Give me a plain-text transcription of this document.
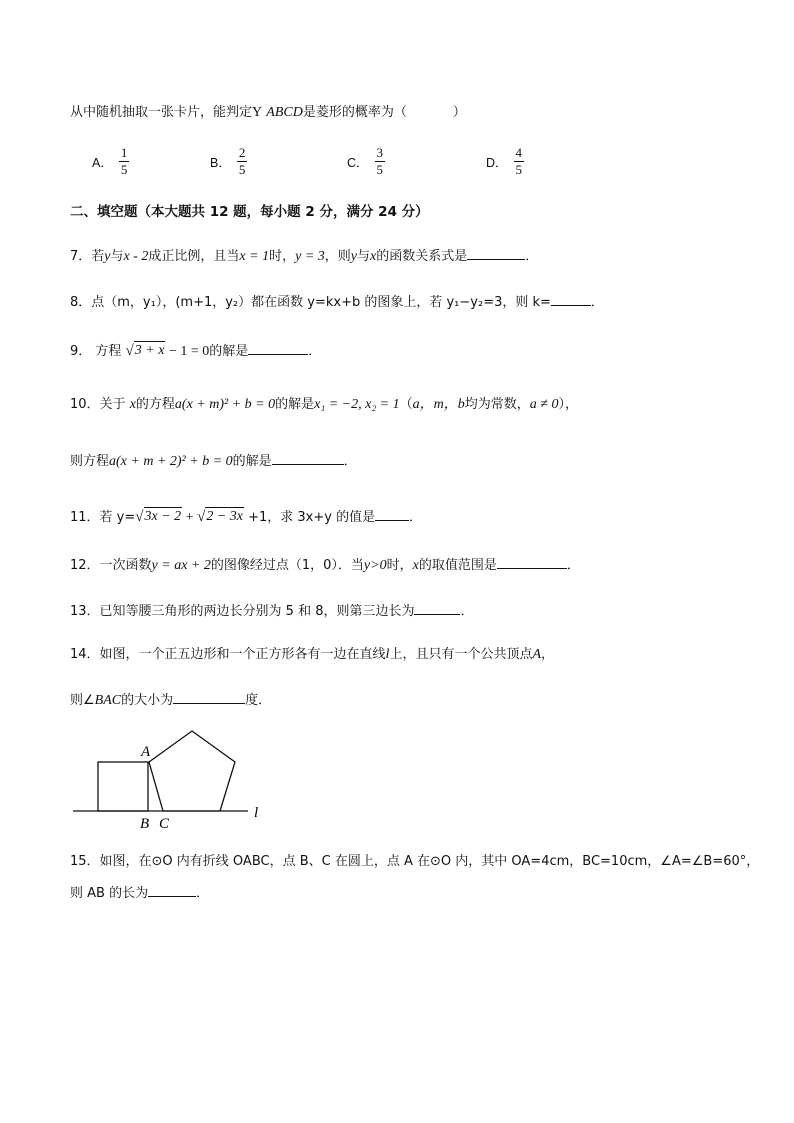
从中随机抽取一张卡片，能判定Y ABCD是菱形的概率为（	）
A． $\frac{1}{5}$	B． $\frac{2}{5}$	C． $\frac{3}{5}$	D． $\frac{4}{5}$
二、填空题（本大题共 12 题，每小题 2 分，满分 24 分）
7．若y与x - 2成正比例，且当x = 1时，y = 3，则y与x的函数关系式是	．
8．点（m，y₁），(m+1，y₂）都在函数 y=kx+b 的图象上，若 y₁−y₂=3，则 k=	．
9． 方程 √ 3 + x − 1 = 0的解是	．
10．关于 x的方程a(x + m)² + b = 0的解是x₁ = −2, x₂ = 1（a，m，b均为常数，a ≠ 0），
则方程a(x + m + 2)² + b = 0的解是	．
11．若 y= √ 3x − 2 + √ 2 − 3x +1，求 3x+y 的值是	．
12．一次函数y = ax + 2的图像经过点（1，0）．当y>0时，x的取值范围是	．
13．已知等腰三角形的两边长分别为 5 和 8，则第三边长为	．
14．如图，一个正五边形和一个正方形各有一边在直线l上，且只有一个公共顶点A，
则∠BAC的大小为	度．
A
B C
l
15．如图，在⊙O 内有折线 OABC，点 B、C 在圆上，点 A 在⊙O 内，其中 OA=4cm，BC=10cm，∠A=∠B=60°，
则 AB 的长为	．
